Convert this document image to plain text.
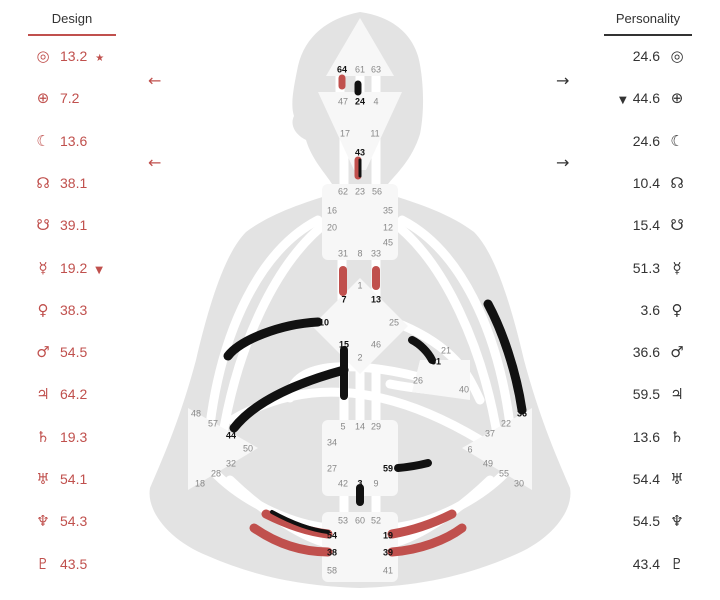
Design	Personality
◎ 13.2 ★
⊕ 7.2
☾ 13.6
☊ 38.1
☋ 39.1
☿ 19.2 ▼
♀ 38.3
♂ 54.5
♃ 64.2
♄ 19.3
♅ 54.1
♆ 54.3
♇ 43.5
24.6 ◎
▼ 44.6 ⊕
24.6 ☾
10.4 ☊
15.4 ☋
51.3 ☿
3.6 ♀
36.6 ♂
59.5 ♃
13.6 ♄
54.4 ♅
54.5 ♆
43.4 ♇
←
←
→
→
64 61 63
47 24 4
17 11
43
62 23 56
16	35
20	12
45
31 8 33
1
7	13
10	25
15 46
2
21
51
26
40
48
57
44
50
32
28
18
36
22
37
6
49
55
30
5 14 29
34
27	59
42 3 9
53 60 52
54	19
38	39
58	41
